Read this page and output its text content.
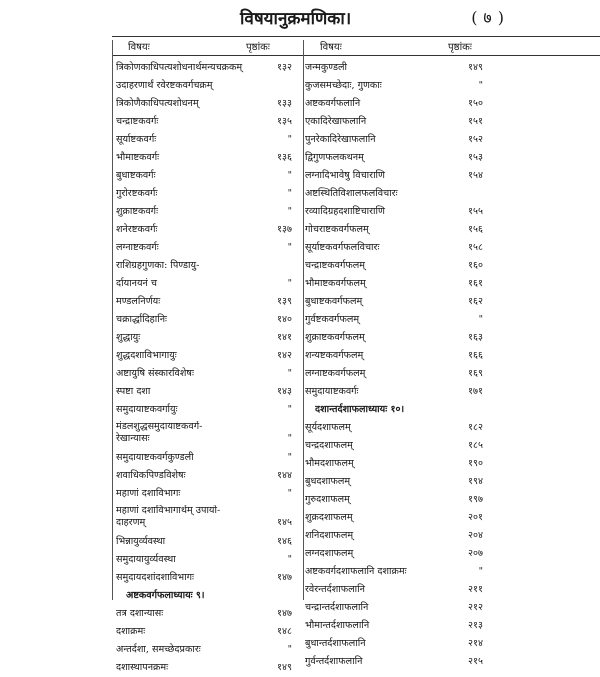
विषयानुक्रमणिका।	(७)
विषयः	पृष्ठांकः	विषयः	पृष्ठांकः
त्रिकोणकाधिपत्यशोधनार्थमन्यचक्रकम्	१३२
उदाहरणार्थं रवेरष्टकवर्गचक्रम्
त्रिकोणैकाधिपत्यशोधनम्	१३३
चन्द्राष्टकवर्गः	१३५
सूर्याष्टकवर्गः	"
भौमाष्टकवर्गः	१३६
बुधाष्टकवर्गः	"
गुरोरष्टकवर्गः	"
शुक्राष्टकवर्गः	"
शनेरष्टकवर्गः	१३७
लग्नाष्टकवर्गः	"
राशिग्रहगुणका: पिण्डायु-
र्दायानयनं च	"
मण्डलनिर्णयः	१३९
चक्रार्द्धादिहानिः	१४०
शुद्धायुः	१४१
शुद्धदशाविभागायुः	१४२
अष्टायुषि संस्कारविशेषः	"
स्पष्टा दशा	१४३
समुदायाष्टकवर्गायुः	"
मंडलशुद्धसमुदायाष्टकवर्ग-
रेखान्यासः	"
समुदायाष्टकवर्गकुण्डली	"
शवाधिकपिण्डविशेषः	१४४
महाणां दशाविभागः	"
महाणां दशाविभागार्थम् उपायो-
दाहरणम्	१४५
भिन्नायुर्व्यवस्था	१४६
समुदायायुर्व्यवस्था	"
समुदायदशांदशाविभागः	१४७
अष्टकवर्गफलाध्यायः ९।
तत्र दशान्यासः	१४७
दशाक्रमः	१४८
अन्तर्दशा, समच्छेदप्रकारः	"
दशास्थापनक्रमः	१४९
जन्मकुण्डली	१४९
कुजसमच्छेदाः, गुणकाः	"
अष्टकवर्गफलानि	१५०
एकादिरेखाफलानि	१५१
पुनरेकादिरेखाफलानि	१५२
द्विगुणफलकथनम्	१५३
लग्नादिभावेषु विचाराणि	१५४
अष्टस्थितिविशालफलविचारः
रव्यादिग्रहदशाष्टिचाराणि	१५५
गोचराष्टकवर्गफलम्	१५६
सूर्याष्टकवर्गफलविचारः	१५८
चन्द्राष्टकवर्गफलम्	१६०
भौमाष्टकवर्गफलम्	१६१
बुधाष्टकवर्गफलम्	१६२
गुर्वष्टकवर्गफलम्	"
शुक्राष्टकवर्गफलम्	१६३
शन्यष्टकवर्गफलम्	१६६
लग्नाष्टकवर्गफलम्	१६९
समुदायाष्टकवर्गः	१७१
दशान्तर्दशाफलाध्यायः १०।
सूर्यदशाफलम्	१८२
चन्द्रदशाफलम्	१८५
भौमदशाफलम्	१९०
बुधदशाफलम्	१९४
गुरुदशाफलम्	१९७
शुक्रदशाफलम्	२०१
शनिदशाफलम्	२०४
लग्नदशाफलम्	२०७
अष्टकवर्गदशाफलानि दशाक्रमः	"
रवेरन्तर्दशाफलानि	२११
चन्द्रान्तर्दशाफलानि	२१२
भौमान्तर्दशाफलानि	२१३
बुधान्तर्दशाफलानि	२१४
गुर्वन्तर्दशाफलानि	२१५
